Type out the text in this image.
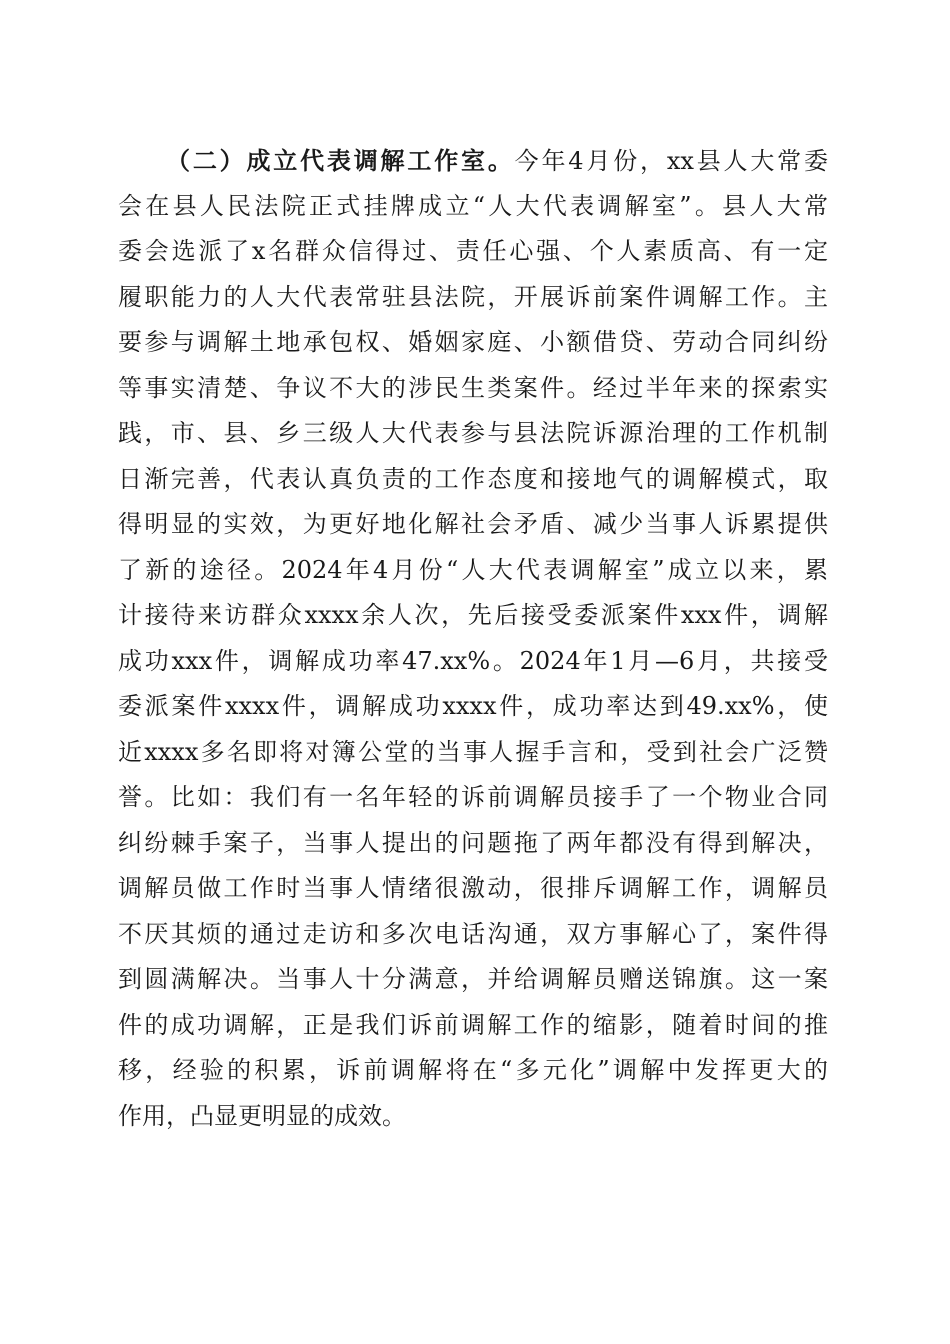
（二）成立代表调解工作室。今年4月份，xx县人大常委
会在县人民法院正式挂牌成立“人大代表调解室”。县人大常
委会选派了x名群众信得过、责任心强、个人素质高、有一定
履职能力的人大代表常驻县法院，开展诉前案件调解工作。主
要参与调解土地承包权、婚姻家庭、小额借贷、劳动合同纠纷
等事实清楚、争议不大的涉民生类案件。经过半年来的探索实
践，市、县、乡三级人大代表参与县法院诉源治理的工作机制
日渐完善，代表认真负责的工作态度和接地气的调解模式，取
得明显的实效，为更好地化解社会矛盾、减少当事人诉累提供
了新的途径。2024年4月份“人大代表调解室”成立以来，累
计接待来访群众xxxx余人次，先后接受委派案件xxx件，调解
成功xxx件，调解成功率47.xx%。2024年1月—6月，共接受
委派案件xxxx件，调解成功xxxx件，成功率达到49.xx%，使
近xxxx多名即将对簿公堂的当事人握手言和，受到社会广泛赞
誉。比如：我们有一名年轻的诉前调解员接手了一个物业合同
纠纷棘手案子，当事人提出的问题拖了两年都没有得到解决，
调解员做工作时当事人情绪很激动，很排斥调解工作，调解员
不厌其烦的通过走访和多次电话沟通，双方事解心了，案件得
到圆满解决。当事人十分满意，并给调解员赠送锦旗。这一案
件的成功调解，正是我们诉前调解工作的缩影，随着时间的推
移，经验的积累，诉前调解将在“多元化”调解中发挥更大的
作用，凸显更明显的成效。
